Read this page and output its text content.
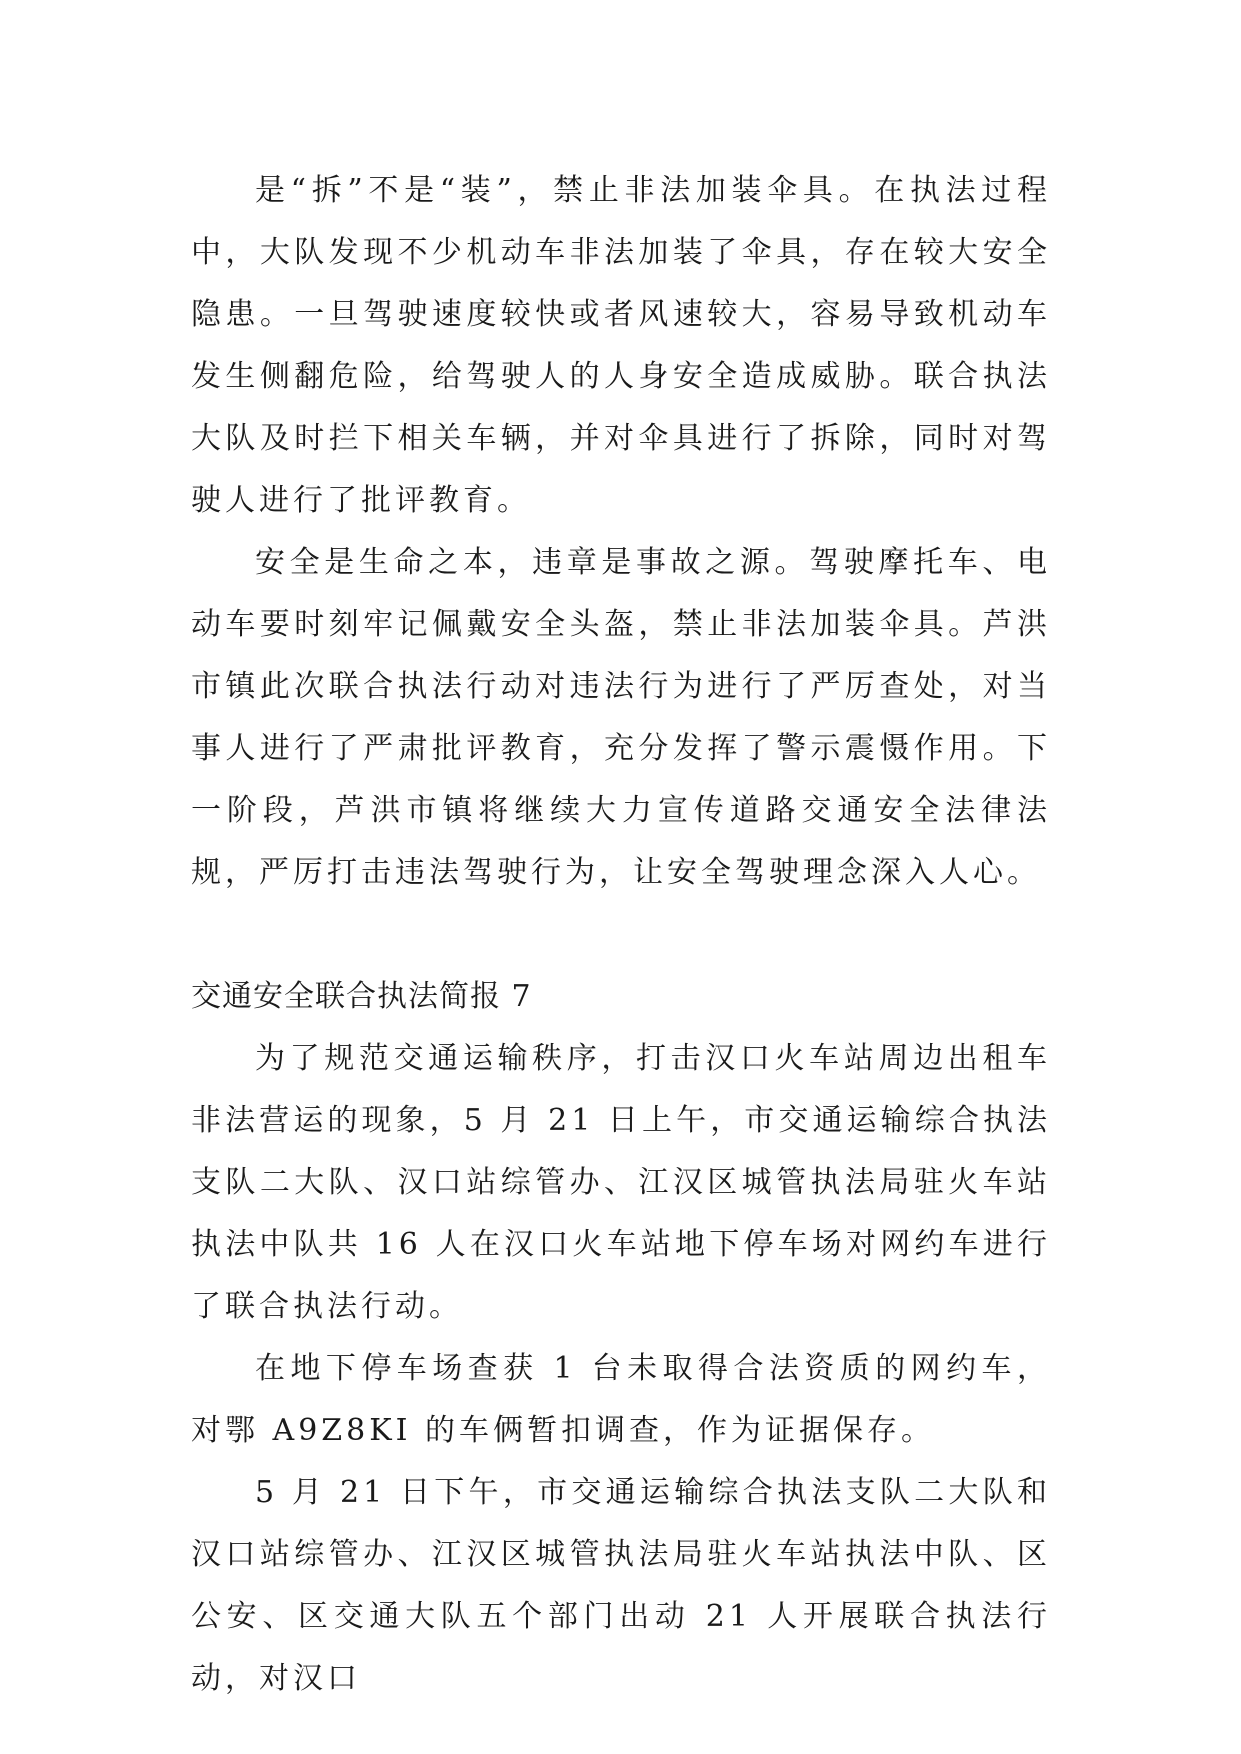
是“拆”不是“装”，禁止非法加装伞具。在执法过程中，大队发现不少机动车非法加装了伞具，存在较大安全隐患。一旦驾驶速度较快或者风速较大，容易导致机动车发生侧翻危险，给驾驶人的人身安全造成威胁。联合执法大队及时拦下相关车辆，并对伞具进行了拆除，同时对驾驶人进行了批评教育。

安全是生命之本，违章是事故之源。驾驶摩托车、电动车要时刻牢记佩戴安全头盔，禁止非法加装伞具。芦洪市镇此次联合执法行动对违法行为进行了严厉查处，对当事人进行了严肃批评教育，充分发挥了警示震慑作用。下一阶段，芦洪市镇将继续大力宣传道路交通安全法律法规，严厉打击违法驾驶行为，让安全驾驶理念深入人心。

交通安全联合执法简报 7

为了规范交通运输秩序，打击汉口火车站周边出租车非法营运的现象，5 月 21 日上午，市交通运输综合执法支队二大队、汉口站综管办、江汉区城管执法局驻火车站执法中队共 16 人在汉口火车站地下停车场对网约车进行了联合执法行动。

在地下停车场查获 1 台未取得合法资质的网约车，对鄂 A9Z8KI 的车俩暂扣调查，作为证据保存。

5 月 21 日下午，市交通运输综合执法支队二大队和汉口站综管办、江汉区城管执法局驻火车站执法中队、区公安、区交通大队五个部门出动 21 人开展联合执法行动，对汉口
